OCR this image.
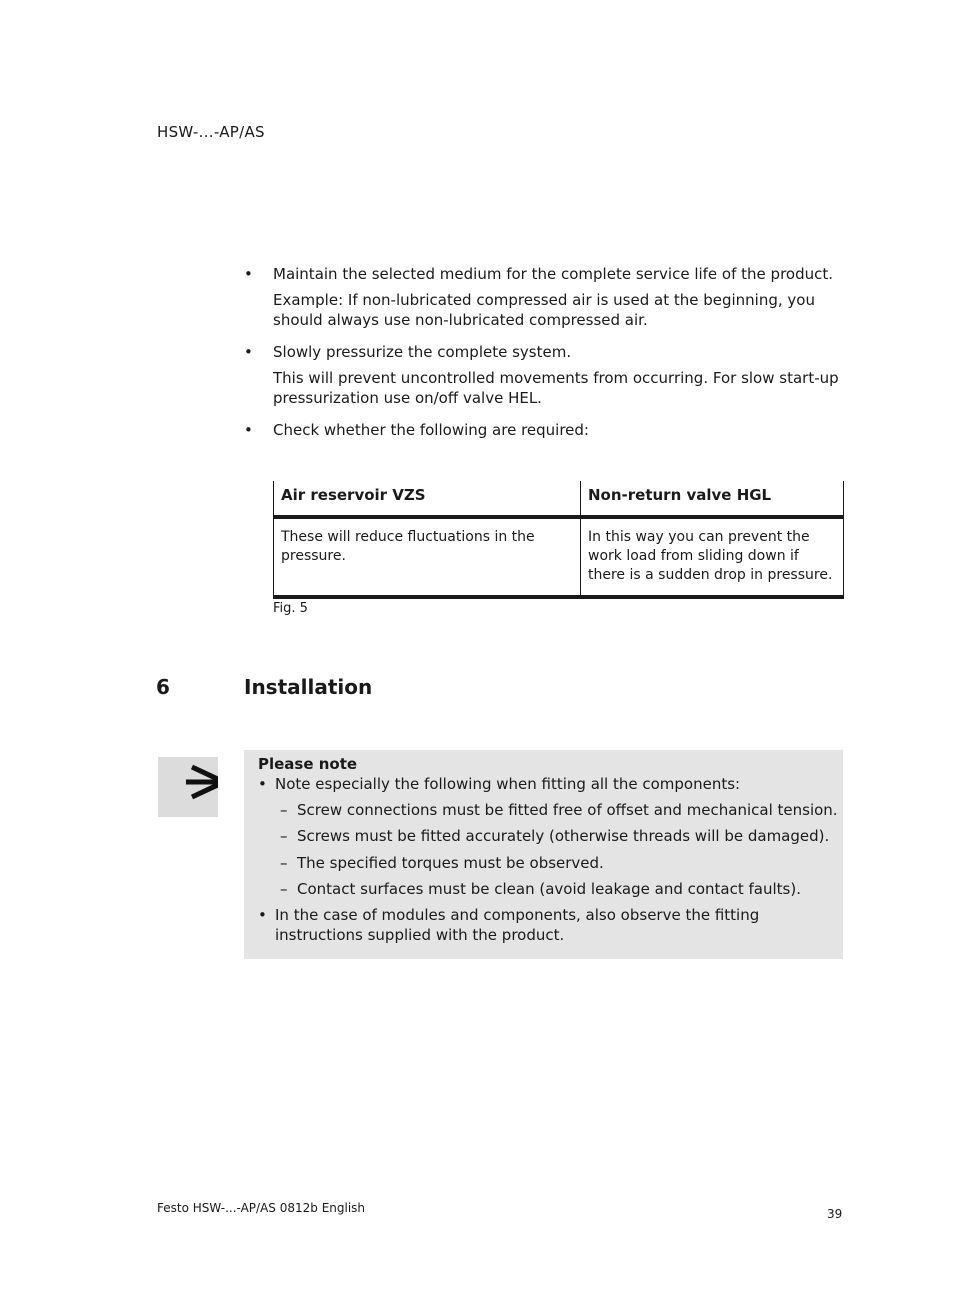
HSW-...-AP/AS
• Maintain the selected medium for the complete service life of the product.

Example: If non-lubricated compressed air is used at the beginning, you should always use non-lubricated compressed air.

• Slowly pressurize the complete system.

This will prevent uncontrolled movements from occurring. For slow start-up pressurization use on/off valve HEL.

• Check whether the following are required:

Air reservoir VZS	Non-return valve HGL
These will reduce fluctuations in the pressure.	In this way you can prevent the work load from sliding down if there is a sudden drop in pressure.
Fig. 5
6	Installation
Please note
• Note especially the following when fitting all the components:
– Screw connections must be fitted free of offset and mechanical tension.
– Screws must be fitted accurately (otherwise threads will be damaged).
– The specified torques must be observed.
– Contact surfaces must be clean (avoid leakage and contact faults).
• In the case of modules and components, also observe the fitting instructions supplied with the product.
Festo HSW-...-AP/AS 0812b English	39
